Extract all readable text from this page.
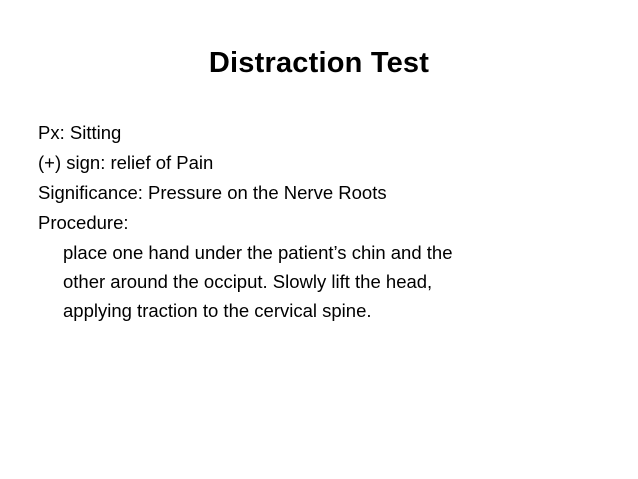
Distraction Test
Px: Sitting
(+) sign: relief of Pain
Significance: Pressure on the Nerve Roots
Procedure:
place one hand under the patient’s chin and the
other around the occiput. Slowly lift the head,
applying traction to the cervical spine.
